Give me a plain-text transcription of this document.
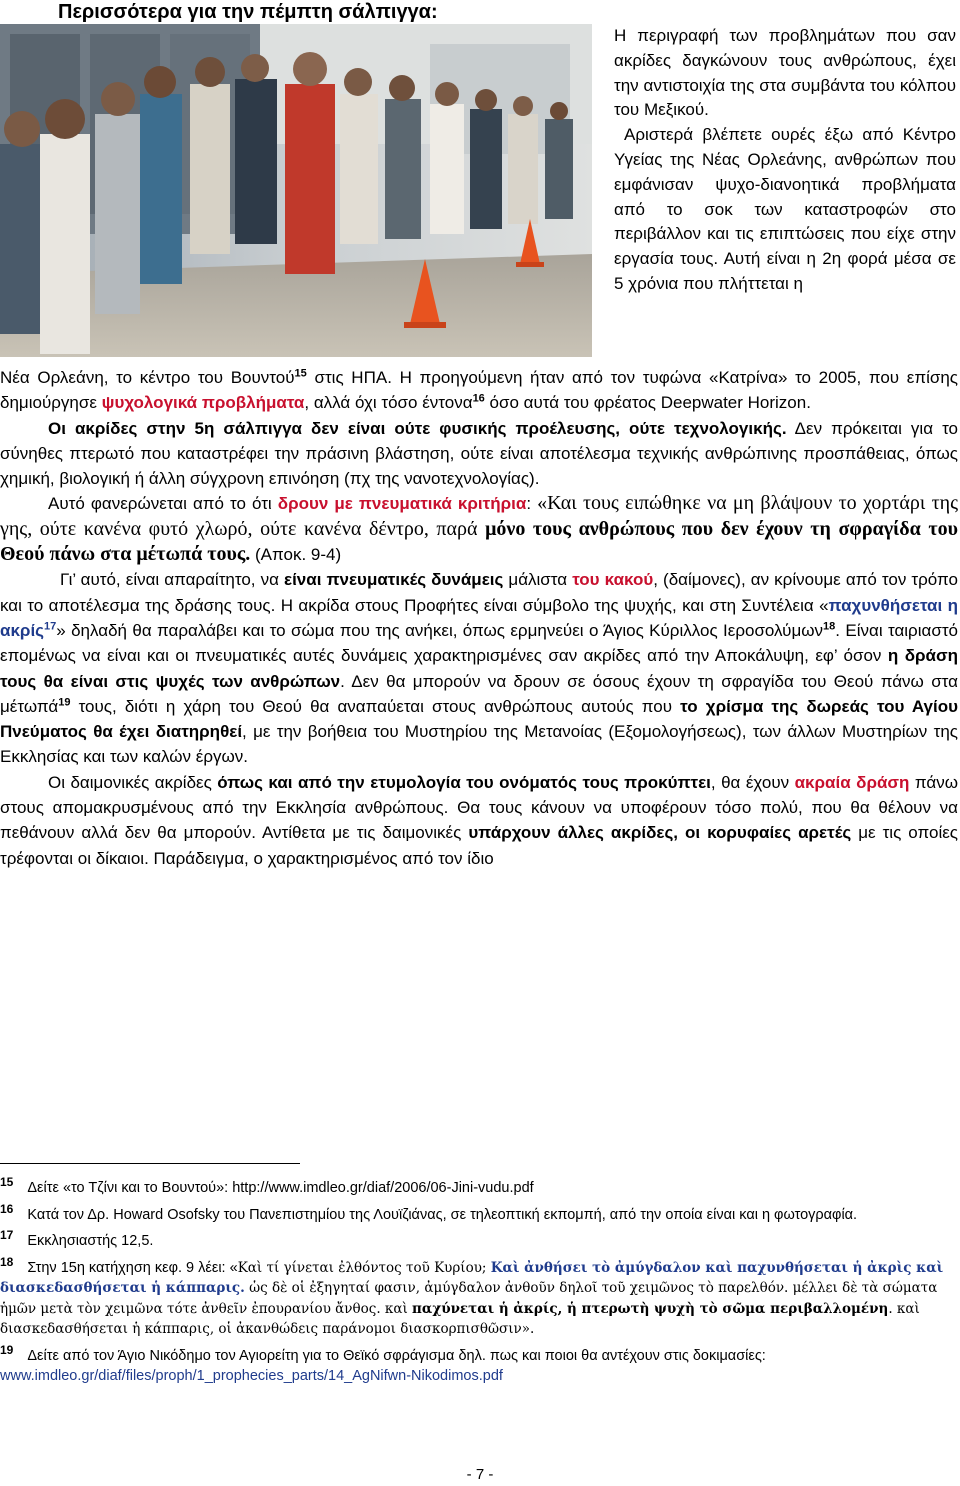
Περισσότερα για την πέμπτη σάλπιγγα:

Η περιγραφή των προβλημάτων που σαν ακρίδες δαγκώνουν τους ανθρώπους, έχει την αντιστοιχία της στα συμβάντα του κόλπου του Μεξικού.

Αριστερά βλέπετε ουρές έξω από Κέντρο Υγείας της Νέας Ορλεάνης, ανθρώπων που εμφάνισαν ψυχο-διανοητικά προβλήματα από το σοκ των καταστροφών στο περιβάλλον και τις επιπτώσεις που είχε στην εργασία τους. Αυτή είναι η 2η φορά μέσα σε 5 χρόνια που πλήττεται η

Νέα Ορλεάνη, το κέντρο του Βουντού$^{15}$ στις ΗΠΑ. Η προηγούμενη ήταν από τον τυφώνα «Κατρίνα» το 2005, που επίσης δημιούργησε ψυχολογικά προβλήματα, αλλά όχι τόσο έντονα$^{16}$ όσο αυτά του φρέατος Deepwater Horizon.

Οι ακρίδες στην 5η σάλπιγγα δεν είναι ούτε φυσικής προέλευσης, ούτε τεχνολογικής. Δεν πρόκειται για το σύνηθες πτερωτό που καταστρέφει την πράσινη βλάστηση, ούτε είναι αποτέλεσμα τεχνικής ανθρώπινης προσπάθειας, όπως χημική, βιολογική ή άλλη σύγχρονη επινόηση (πχ της νανοτεχνολογίας).

Αυτό φανερώνεται από το ότι δρουν με πνευματικά κριτήρια: «Και τους ειπώθηκε να μη βλάψουν το χορτάρι της γης, ούτε κανένα φυτό χλωρό, ούτε κανένα δέντρο, παρά μόνο τους ανθρώπους που δεν έχουν τη σφραγίδα του Θεού πάνω στα μέτωπά τους. (Αποκ. 9-4)

Γι’ αυτό, είναι απαραίτητο, να είναι πνευματικές δυνάμεις μάλιστα του κακού, (δαίμονες), αν κρίνουμε από τον τρόπο και το αποτέλεσμα της δράσης τους. Η ακρίδα στους Προφήτες είναι σύμβολο της ψυχής, και στη Συντέλεια «παχυνθήσεται η ακρίς$^{17}$» δηλαδή θα παραλάβει και το σώμα που της ανήκει, όπως ερμηνεύει ο Άγιος Κύριλλος Ιεροσολύμων$^{18}$. Είναι ταιριαστό επομένως να είναι και οι πνευματικές αυτές δυνάμεις χαρακτηρισμένες σαν ακρίδες από την Αποκάλυψη, εφ’ όσον η δράση τους θα είναι στις ψυχές των ανθρώπων. Δεν θα μπορούν να δρουν σε όσους έχουν τη σφραγίδα του Θεού πάνω στα μέτωπά$^{19}$ τους, διότι η χάρη του Θεού θα αναπαύεται στους ανθρώπους αυτούς που το χρίσμα της δωρεάς του Αγίου Πνεύματος θα έχει διατηρηθεί, με την βοήθεια του Μυστηρίου της Μετανοίας (Εξομολογήσεως), των άλλων Μυστηρίων της Εκκλησίας και των καλών έργων.

Οι δαιμονικές ακρίδες όπως και από την ετυμολογία του ονόματός τους προκύπτει, θα έχουν ακραία δράση πάνω στους απομακρυσμένους από την Εκκλησία ανθρώπους. Θα τους κάνουν να υποφέρουν τόσο πολύ, που θα θέλουν να πεθάνουν αλλά δεν θα μπορούν. Αντίθετα με τις δαιμονικές υπάρχουν άλλες ακρίδες, οι κορυφαίες αρετές με τις οποίες τρέφονται οι δίκαιοι. Παράδειγμα, ο χαρακτηρισμένος από τον ίδιο

$^{15}$ Δείτε «το Τζίνι και το Βουντού»: http://www.imdleo.gr/diaf/2006/06-Jini-vudu.pdf

$^{16}$ Κατά τον Δρ. Howard Osofsky του Πανεπιστημίου της Λουϊζιάνας, σε τηλεοπτική εκπομπή, από την οποία είναι και η φωτογραφία.

$^{17}$ Εκκλησιαστής 12,5.

$^{18}$ Στην 15η κατήχηση κεφ. 9 λέει: «Καὶ τί γίνεται ἐλθόντος τοῦ Κυρίου; Καὶ ἀνθήσει τὸ ἀμύγδαλον καὶ παχυνθήσεται ἡ ἀκρὶς καὶ διασκεδασθήσεται ἡ κάππαρις. ὡς δὲ οἱ ἐξηγηταί φασιν, ἀμύγδαλον ἀνθοῦν δηλοῖ τοῦ χειμῶνος τὸ παρελθόν. μέλλει δὲ τὰ σώματα ἡμῶν μετὰ τὸν χειμῶνα τότε ἀνθεῖν ἐπουρανίου ἄνθος. καὶ παχύνεται ἡ ἀκρίς, ἡ πτερωτὴ ψυχὴ τὸ σῶμα περιβαλλομένη. καὶ διασκεδασθήσεται ἡ κάππαρις, οἱ ἀκανθώδεις παράνομοι διασκορπισθῶσιν».

$^{19}$ Δείτε από τον Άγιο Νικόδημο τον Αγιορείτη για το Θεϊκό σφράγισμα δηλ. πως και ποιοι θα αντέχουν στις δοκιμασίες: www.imdleo.gr/diaf/files/proph/1_prophecies_parts/14_AgNifwn-Nikodimos.pdf

- 7 -
